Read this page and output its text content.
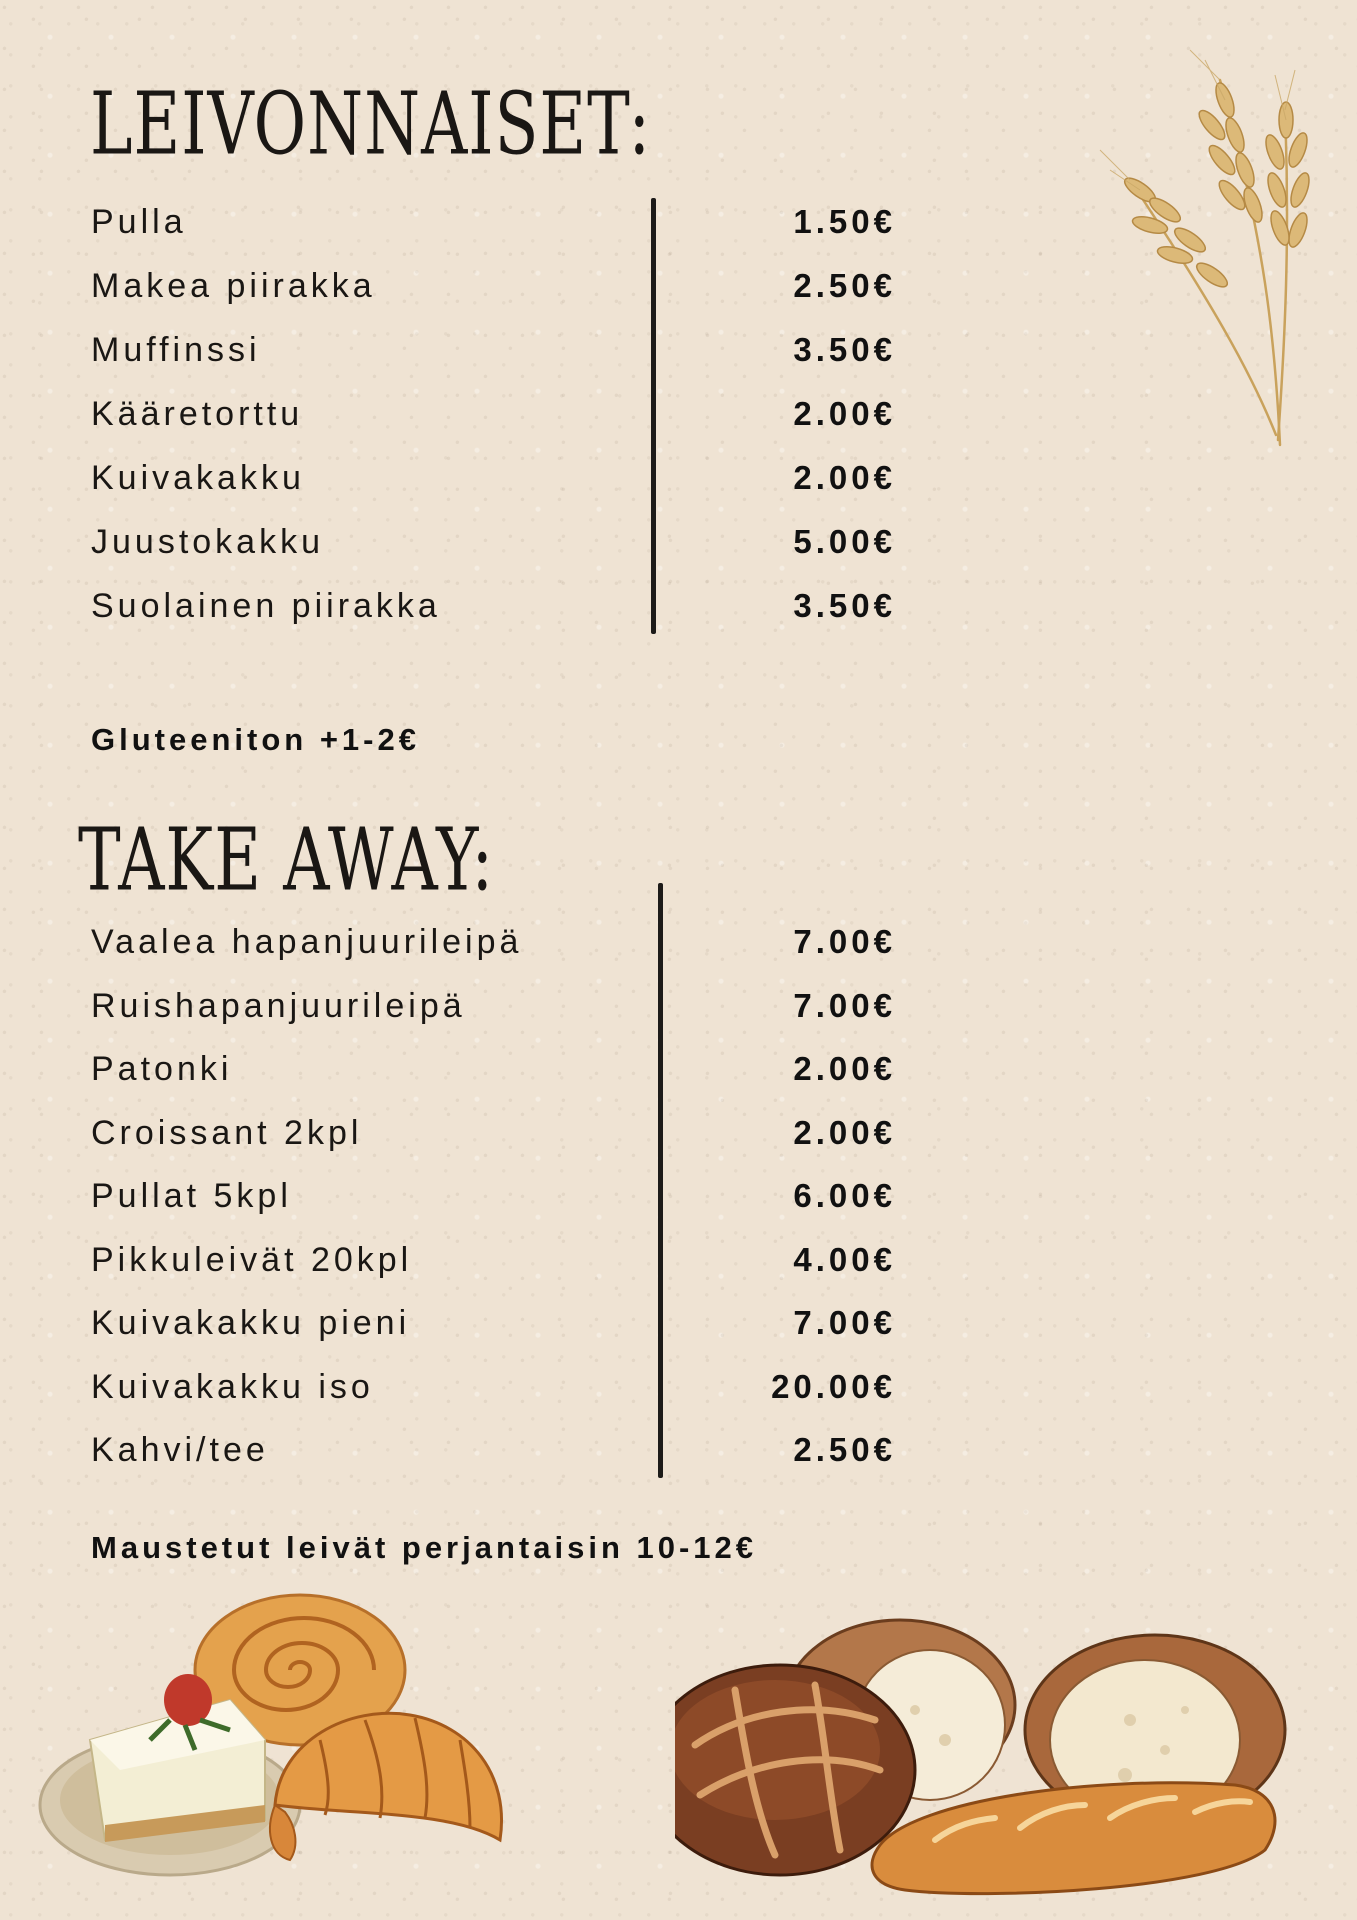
LEIVONNAISET:
Pulla	1.50€
Makea piirakka	2.50€
Muffinssi	3.50€
Kääretorttu	2.00€
Kuivakakku	2.00€
Juustokakku	5.00€
Suolainen piirakka	3.50€
Gluteeniton +1-2€
TAKE AWAY:
Vaalea hapanjuurileipä	7.00€
Ruishapanjuurileipä	7.00€
Patonki	2.00€
Croissant 2kpl	2.00€
Pullat 5kpl	6.00€
Pikkuleivät 20kpl	4.00€
Kuivakakku pieni	7.00€
Kuivakakku iso	20.00€
Kahvi/tee	2.50€
Maustetut leivät perjantaisin 10-12€
